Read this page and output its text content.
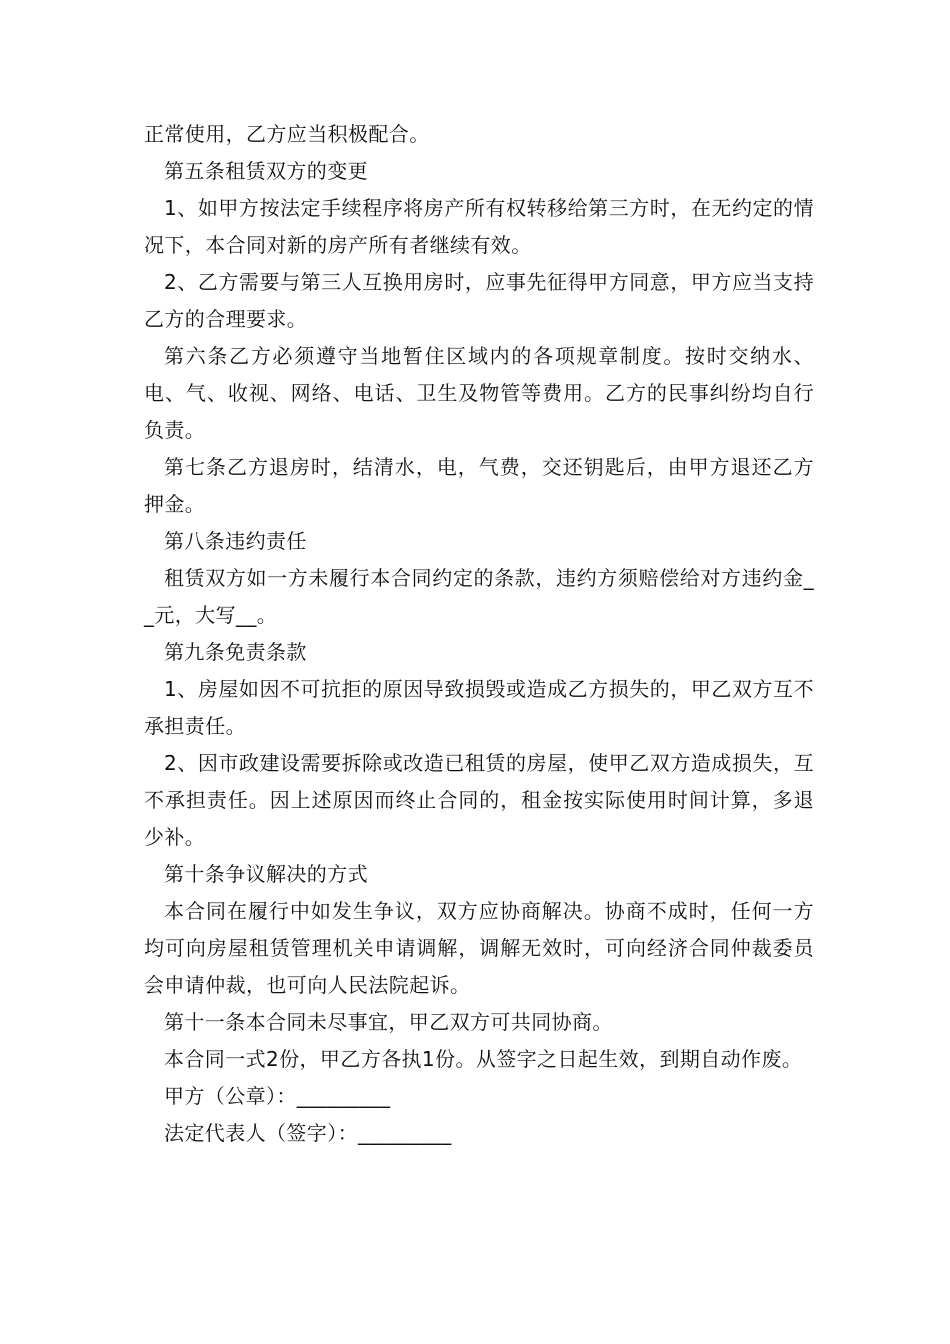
正常使用，乙方应当积极配合。

第五条租赁双方的变更

1、如甲方按法定手续程序将房产所有权转移给第三方时，在无约定的情况下，本合同对新的房产所有者继续有效。

2、乙方需要与第三人互换用房时，应事先征得甲方同意，甲方应当支持乙方的合理要求。

第六条乙方必须遵守当地暂住区域内的各项规章制度。按时交纳水、电、气、收视、网络、电话、卫生及物管等费用。乙方的民事纠纷均自行负责。

第七条乙方退房时，结清水，电，气费，交还钥匙后，由甲方退还乙方押金。

第八条违约责任

租赁双方如一方未履行本合同约定的条款，违约方须赔偿给对方违约金__元，大写__。

第九条免责条款

1、房屋如因不可抗拒的原因导致损毁或造成乙方损失的，甲乙双方互不承担责任。

2、因市政建设需要拆除或改造已租赁的房屋，使甲乙双方造成损失，互不承担责任。因上述原因而终止合同的，租金按实际使用时间计算，多退少补。

第十条争议解决的方式

本合同在履行中如发生争议，双方应协商解决。协商不成时，任何一方均可向房屋租赁管理机关申请调解，调解无效时，可向经济合同仲裁委员会申请仲裁，也可向人民法院起诉。

第十一条本合同未尽事宜，甲乙双方可共同协商。

本合同一式2份，甲乙方各执1份。从签字之日起生效，到期自动作废。

甲方（公章）：_________

法定代表人（签字）：_________
